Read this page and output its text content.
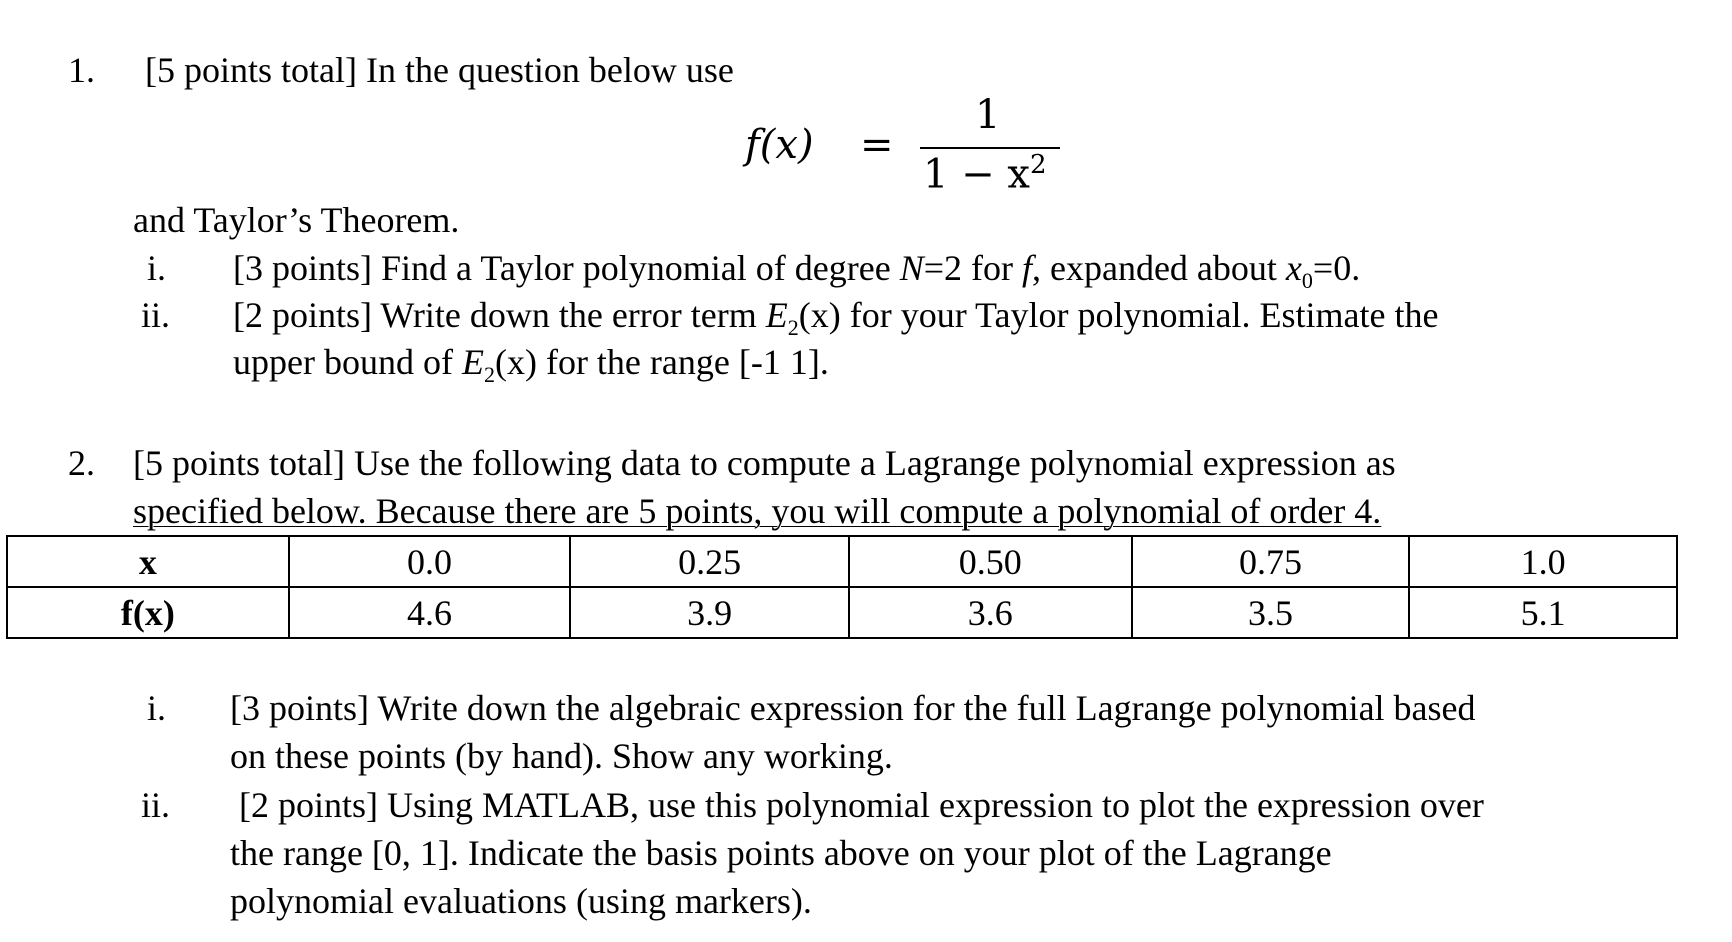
1. [5 points total] In the question below use
f(x) =
1
$1 - x^2$
and Taylor’s Theorem.
i. [3 points] Find a Taylor polynomial of degree N=2 for f, expanded about $x_0=0$.
ii. [2 points] Write down the error term $E_2(x)$ for your Taylor polynomial. Estimate the
upper bound of $E_2(x)$ for the range [-1 1].
2. [5 points total] Use the following data to compute a Lagrange polynomial expression as
specified below. Because there are 5 points, you will compute a polynomial of order 4.
x	0.0	0.25	0.50	0.75	1.0
f(x)	4.6	3.9	3.6	3.5	5.1
i. [3 points] Write down the algebraic expression for the full Lagrange polynomial based
on these points (by hand). Show any working.
ii. [2 points] Using MATLAB, use this polynomial expression to plot the expression over
the range [0, 1]. Indicate the basis points above on your plot of the Lagrange
polynomial evaluations (using markers).
